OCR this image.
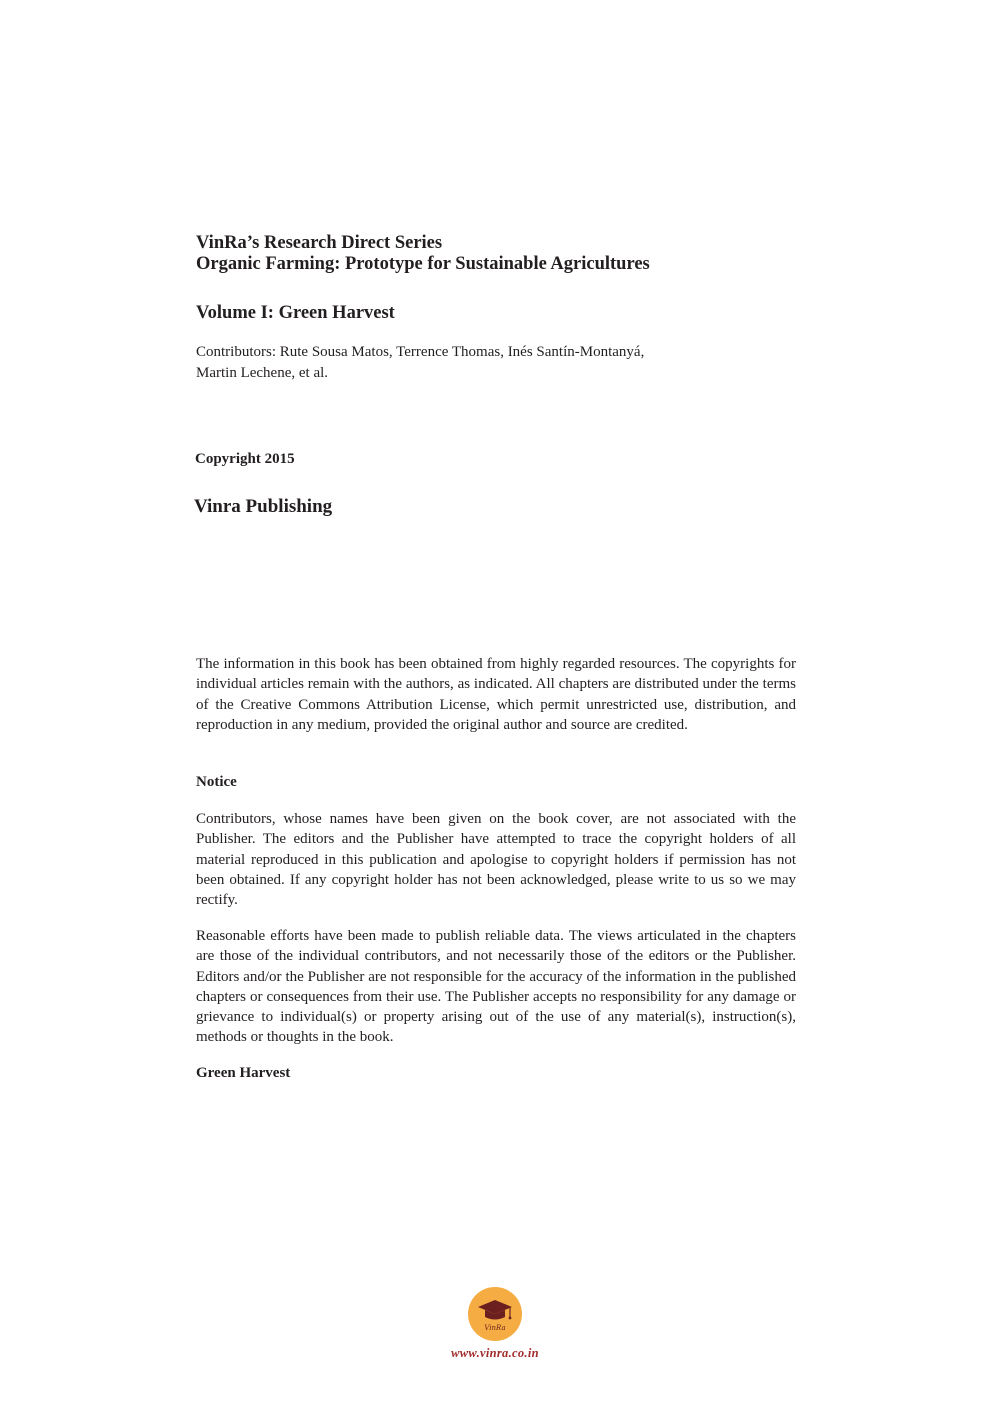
VinRa’s Research Direct Series
Organic Farming: Prototype for Sustainable Agricultures
Volume I: Green Harvest
Contributors: Rute Sousa Matos, Terrence Thomas, Inés Santín-Montanyá,
Martin Lechene, et al.
Copyright 2015
Vinra Publishing
The information in this book has been obtained from highly regarded resources. The copyrights for individual articles remain with the authors, as indicated. All chapters are distributed under the terms of the Creative Commons Attribution License, which permit unrestricted use, distribution, and reproduction in any medium, provided the original author and source are credited.
Notice
Contributors, whose names have been given on the book cover, are not associated with the Publisher. The editors and the Publisher have attempted to trace the copyright holders of all material reproduced in this publication and apologise to copyright holders if permission has not been obtained. If any copyright holder has not been acknowledged, please write to us so we may rectify.
Reasonable efforts have been made to publish reliable data. The views articulated in the chapters are those of the individual contributors, and not necessarily those of the editors or the Publisher. Editors and/or the Publisher are not responsible for the accuracy of the information in the published chapters or consequences from their use. The Publisher accepts no responsibility for any damage or grievance to individual(s) or property arising out of the use of any material(s), instruction(s), methods or thoughts in the book.
Green Harvest
VinRa
www.vinra.co.in
